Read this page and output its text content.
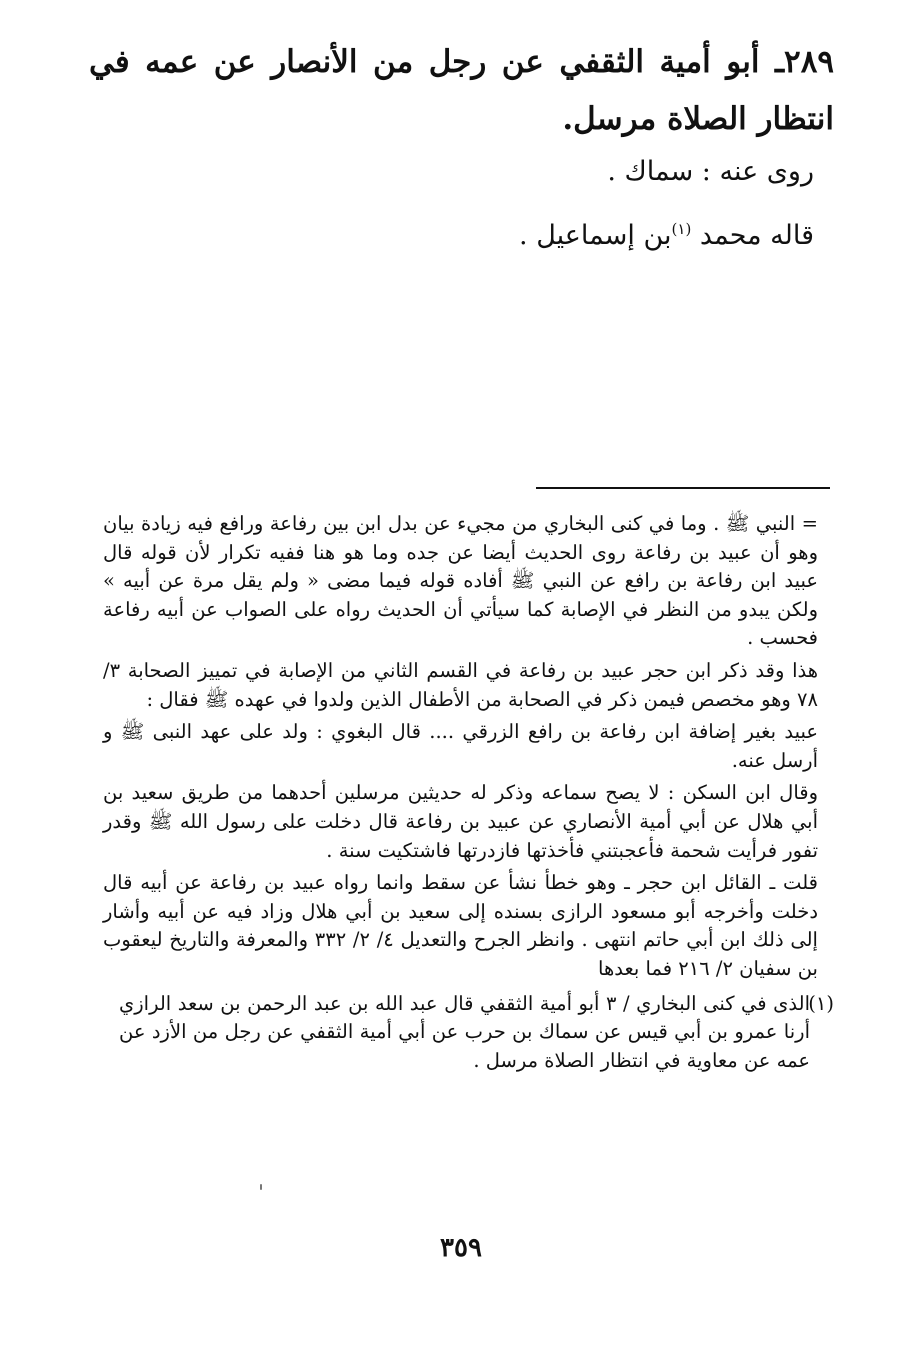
٢٨٩ـ أبو أمية الثقفي عن رجل من الأنصار عن عمه في انتظار الصلاة مرسل.

روى عنه : سماك .

قاله محمد $^{(١)}$بن إسماعيل .

= النبي ﷺ . وما في كنى البخاري من مجيء عن بدل ابن بين رفاعة ورافع فيه زيادة بيان وهو أن عبيد بن رفاعة روى الحديث أيضا عن جده وما هو هنا ففيه تكرار لأن قوله قال عبيد ابن رفاعة بن رافع عن النبي ﷺ أفاده قوله فيما مضى « ولم يقل مرة عن أبيه » ولكن يبدو من النظر في الإصابة كما سيأتي أن الحديث رواه على الصواب عن أبيه رفاعة فحسب .

هذا وقد ذكر ابن حجر عبيد بن رفاعة في القسم الثاني من الإصابة في تمييز الصحابة ٣/ ٧٨ وهو مخصص فيمن ذكر في الصحابة من الأطفال الذين ولدوا في عهده ﷺ فقال :

عبيد بغير إضافة ابن رفاعة بن رافع الزرقي .... قال البغوي : ولد على عهد النبى ﷺ و أرسل عنه.

وقال ابن السكن : لا يصح سماعه وذكر له حديثين مرسلين أحدهما من طريق سعيد بن أبي هلال عن أبي أمية الأنصاري عن عبيد بن رفاعة قال دخلت على رسول الله ﷺ وقدر تفور فرأيت شحمة فأعجبتني فأخذتها فازدرتها فاشتكيت سنة .

قلت ـ القائل ابن حجر ـ وهو خطأ نشأ عن سقط وانما رواه عبيد بن رفاعة عن أبيه قال دخلت وأخرجه أبو مسعود الرازى بسنده إلى سعيد بن أبي هلال وزاد فيه عن أبيه وأشار إلى ذلك ابن أبي حاتم انتهى . وانظر الجرح والتعديل ٤/ ٢/ ٣٣٢ والمعرفة والتاريخ ليعقوب بن سفيان ٢/ ٢١٦ فما بعدها

(١)
الذى في كنى البخاري / ٣ أبو أمية الثقفي قال عبد الله بن عبد الرحمن بن سعد الرازي أرنا عمرو بن أبي قيس عن سماك بن حرب عن أبي أمية الثقفي عن رجل من الأزد عن عمه عن معاوية في انتظار الصلاة مرسل .

٣٥٩
